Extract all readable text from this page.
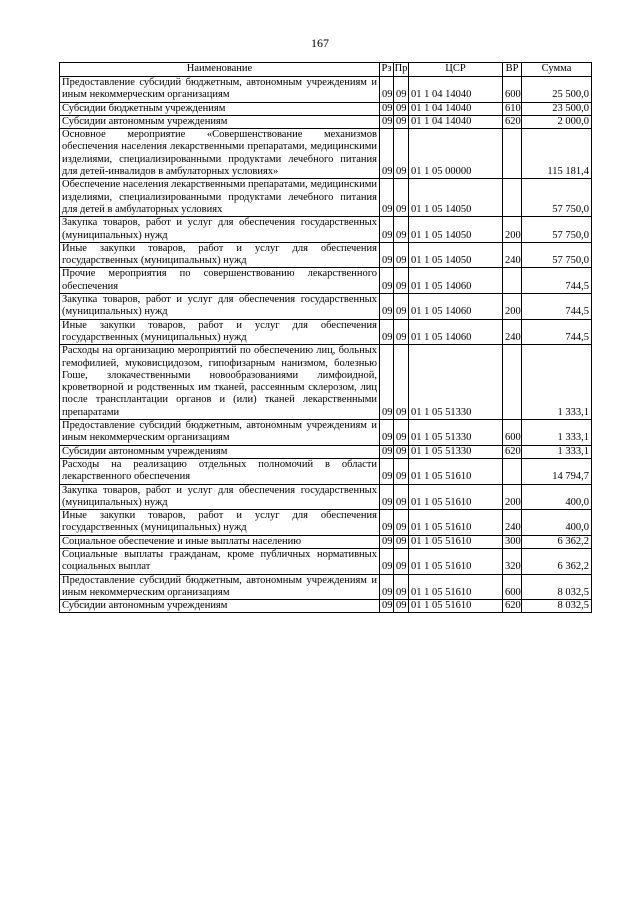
167
Наименование	Рз	Пр	ЦСР	ВР	Сумма
Предоставление субсидий бюджетным, автономным учреждениям и иным некоммерческим организациям	09	09	01 1 04 14040	600	25 500,0
Субсидии бюджетным учреждениям	09	09	01 1 04 14040	610	23 500,0
Субсидии автономным учреждениям	09	09	01 1 04 14040	620	2 000,0
Основное мероприятие «Совершенствование механизмов обеспечения населения лекарственными препаратами, медицинскими изделиями, специализированными продуктами лечебного питания для детей-инвалидов в амбулаторных условиях»	09	09	01 1 05 00000		115 181,4
Обеспечение населения лекарственными препаратами, медицинскими изделиями, специализированными продуктами лечебного питания для детей в амбулаторных условиях	09	09	01 1 05 14050		57 750,0
Закупка товаров, работ и услуг для обеспечения государственных (муниципальных) нужд	09	09	01 1 05 14050	200	57 750,0
Иные закупки товаров, работ и услуг для обеспечения государственных (муниципальных) нужд	09	09	01 1 05 14050	240	57 750,0
Прочие мероприятия по совершенствованию лекарственного обеспечения	09	09	01 1 05 14060		744,5
Закупка товаров, работ и услуг для обеспечения государственных (муниципальных) нужд	09	09	01 1 05 14060	200	744,5
Иные закупки товаров, работ и услуг для обеспечения государственных (муниципальных) нужд	09	09	01 1 05 14060	240	744,5
Расходы на организацию мероприятий по обеспечению лиц, больных гемофилией, муковисцидозом, гипофизарным нанизмом, болезнью Гоше, злокачественными новообразованиями лимфоидной, кроветворной и родственных им тканей, рассеянным склерозом, лиц после трансплантации органов и (или) тканей лекарственными препаратами	09	09	01 1 05 51330		1 333,1
Предоставление субсидий бюджетным, автономным учреждениям и иным некоммерческим организациям	09	09	01 1 05 51330	600	1 333,1
Субсидии автономным учреждениям	09	09	01 1 05 51330	620	1 333,1
Расходы на реализацию отдельных полномочий в области лекарственного обеспечения	09	09	01 1 05 51610		14 794,7
Закупка товаров, работ и услуг для обеспечения государственных (муниципальных) нужд	09	09	01 1 05 51610	200	400,0
Иные закупки товаров, работ и услуг для обеспечения государственных (муниципальных) нужд	09	09	01 1 05 51610	240	400,0
Социальное обеспечение и иные выплаты населению	09	09	01 1 05 51610	300	6 362,2
Социальные выплаты гражданам, кроме публичных нормативных социальных выплат	09	09	01 1 05 51610	320	6 362,2
Предоставление субсидий бюджетным, автономным учреждениям и иным некоммерческим организациям	09	09	01 1 05 51610	600	8 032,5
Субсидии автономным учреждениям	09	09	01 1 05 51610	620	8 032,5
